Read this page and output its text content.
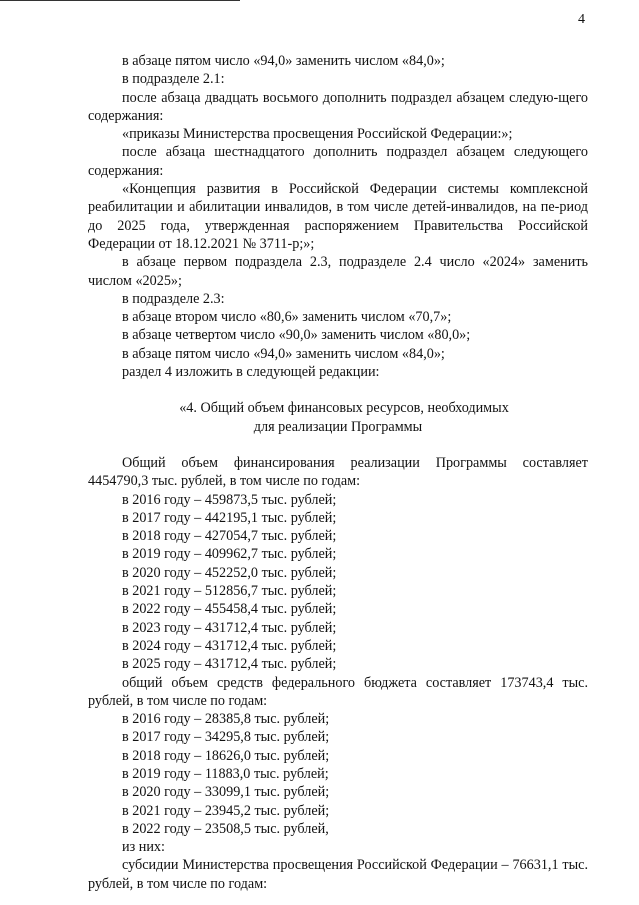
4

в абзаце пятом число «94,0» заменить числом «84,0»;

в подразделе 2.1:

после абзаца двадцать восьмого дополнить подраздел абзацем следую-щего содержания:

«приказы Министерства просвещения Российской Федерации:»;

после абзаца шестнадцатого дополнить подраздел абзацем следующего содержания:

«Концепция развития в Российской Федерации системы комплексной реабилитации и абилитации инвалидов, в том числе детей-инвалидов, на пе-риод до 2025 года, утвержденная распоряжением Правительства Российской Федерации от 18.12.2021 № 3711-р;»;

в абзаце первом подраздела 2.3, подразделе 2.4 число «2024» заменить числом «2025»;

в подразделе 2.3:

в абзаце втором число «80,6» заменить числом «70,7»;

в абзаце четвертом число «90,0» заменить числом «80,0»;

в абзаце пятом число «94,0» заменить числом «84,0»;

раздел 4 изложить в следующей редакции:

«4. Общий объем финансовых ресурсов, необходимых
для реализации Программы

Общий объем финансирования реализации Программы составляет 4454790,3 тыс. рублей, в том числе по годам:

в 2016 году – 459873,5 тыс. рублей;

в 2017 году – 442195,1 тыс. рублей;

в 2018 году – 427054,7 тыс. рублей;

в 2019 году – 409962,7 тыс. рублей;

в 2020 году – 452252,0 тыс. рублей;

в 2021 году – 512856,7 тыс. рублей;

в 2022 году – 455458,4 тыс. рублей;

в 2023 году – 431712,4 тыс. рублей;

в 2024 году – 431712,4 тыс. рублей;

в 2025 году – 431712,4 тыс. рублей;

общий объем средств федерального бюджета составляет 173743,4 тыс. рублей, в том числе по годам:

в 2016 году – 28385,8 тыс. рублей;

в 2017 году – 34295,8 тыс. рублей;

в 2018 году – 18626,0 тыс. рублей;

в 2019 году – 11883,0 тыс. рублей;

в 2020 году – 33099,1 тыс. рублей;

в 2021 году – 23945,2 тыс. рублей;

в 2022 году – 23508,5 тыс. рублей,

из них:

субсидии Министерства просвещения Российской Федерации – 76631,1 тыс. рублей, в том числе по годам:
